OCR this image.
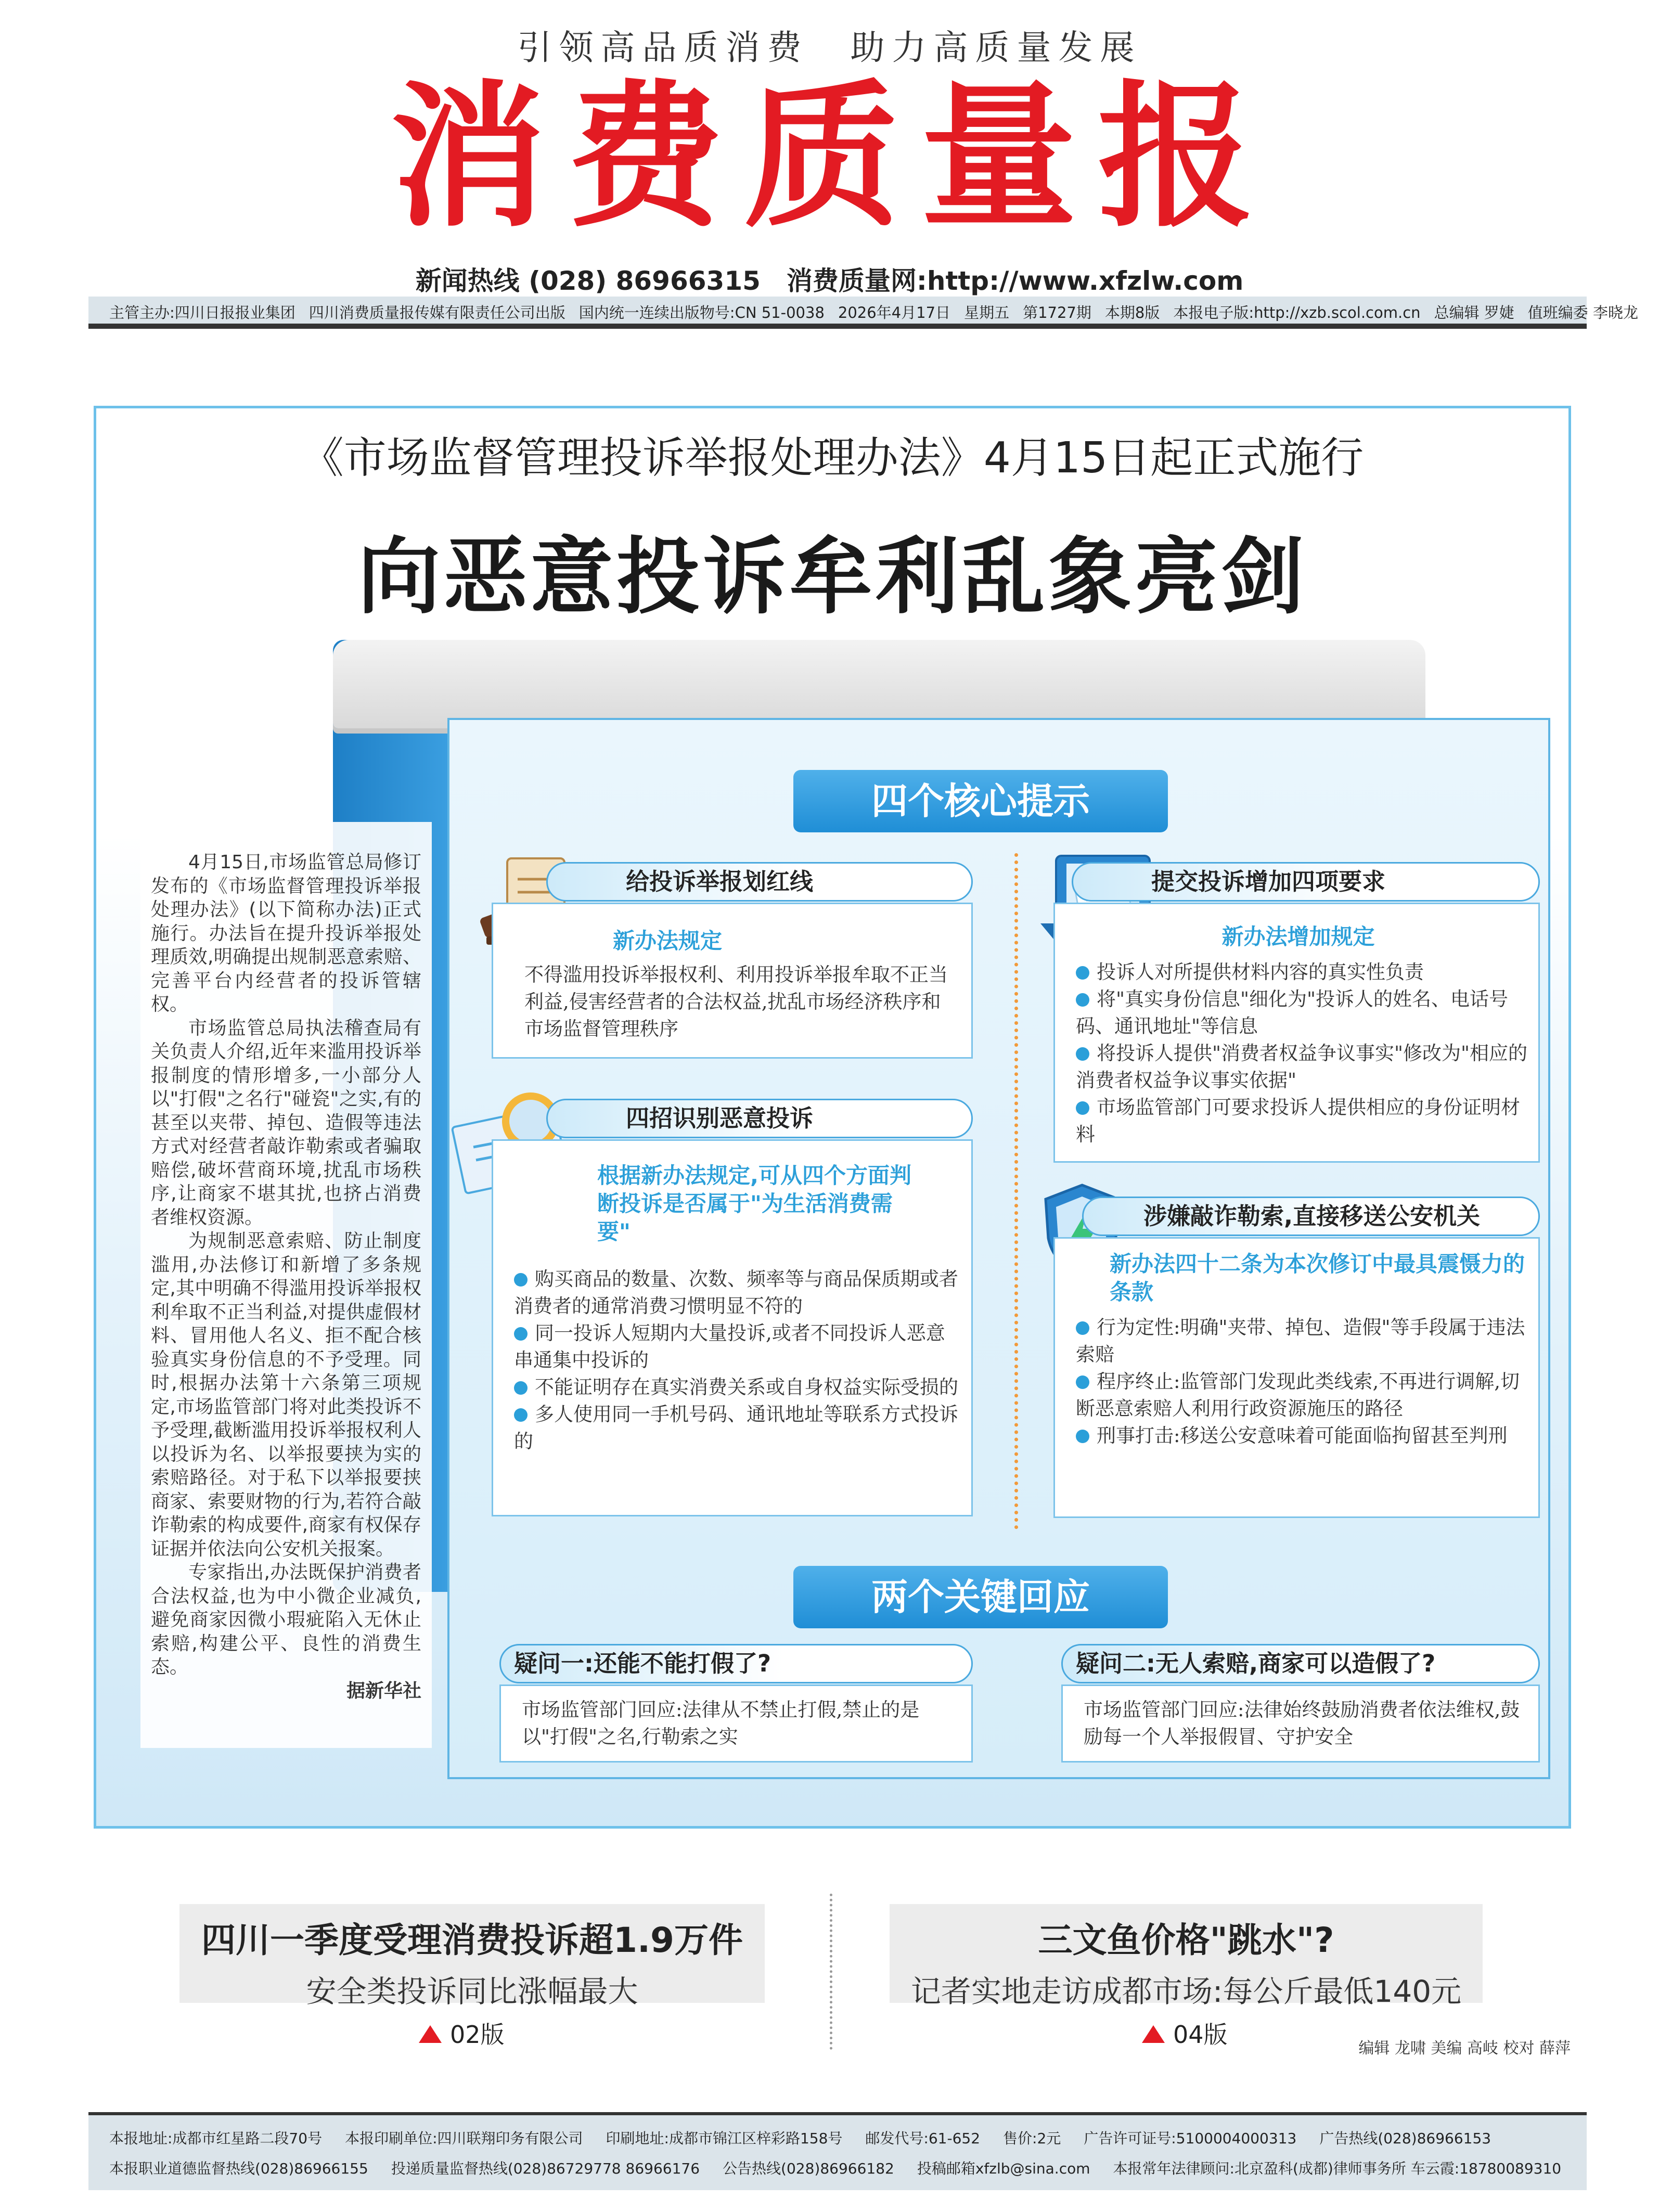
引领高品质消费　助力高质量发展
消费质量报
新闻热线 (028) 86966315　消费质量网:http://www.xfzlw.com
主管主办:四川日报报业集团 四川消费质量报传媒有限责任公司出版 国内统一连续出版物号:CN 51-0038 2026年4月17日 星期五 第1727期 本期8版 本报电子版:http://xzb.scol.com.cn 总编辑 罗婕 值班编委 李晓龙
《市场监督管理投诉举报处理办法》4月15日起正式施行
向恶意投诉牟利乱象亮剑

4月15日,市场监管总局修订发布的《市场监督管理投诉举报处理办法》(以下简称办法)正式施行。办法旨在提升投诉举报处理质效,明确提出规制恶意索赔、完善平台内经营者的投诉管辖权。

市场监管总局执法稽查局有关负责人介绍,近年来滥用投诉举报制度的情形增多,一小部分人以"打假"之名行"碰瓷"之实,有的甚至以夹带、掉包、造假等违法方式对经营者敲诈勒索或者骗取赔偿,破坏营商环境,扰乱市场秩序,让商家不堪其扰,也挤占消费者维权资源。

为规制恶意索赔、防止制度滥用,办法修订和新增了多条规定,其中明确不得滥用投诉举报权利牟取不正当利益,对提供虚假材料、冒用他人名义、拒不配合核验真实身份信息的不予受理。同时,根据办法第十六条第三项规定,市场监管部门将对此类投诉不予受理,截断滥用投诉举报权利人以投诉为名、以举报要挟为实的索赔路径。对于私下以举报要挟商家、索要财物的行为,若符合敲诈勒索的构成要件,商家有权保存证据并依法向公安机关报案。

专家指出,办法既保护消费者合法权益,也为中小微企业减负,避免商家因微小瑕疵陷入无休止索赔,构建公平、良性的消费生态。

据新华社
四个核心提示
给投诉举报划红线
新办法规定
不得滥用投诉举报权利、利用投诉举报牟取不正当利益,侵害经营者的合法权益,扰乱市场经济秩序和市场监督管理秩序
四招识别恶意投诉
根据新办法规定,可从四个方面判断投诉是否属于"为生活消费需要"

购买商品的数量、次数、频率等与商品保质期或者消费者的通常消费习惯明显不符的

同一投诉人短期内大量投诉,或者不同投诉人恶意串通集中投诉的

不能证明存在真实消费关系或自身权益实际受损的

多人使用同一手机号码、通讯地址等联系方式投诉的

提交投诉增加四项要求
新办法增加规定

投诉人对所提供材料内容的真实性负责

将"真实身份信息"细化为"投诉人的姓名、电话号码、通讯地址"等信息

将投诉人提供"消费者权益争议事实"修改为"相应的消费者权益争议事实依据"

市场监管部门可要求投诉人提供相应的身份证明材料

涉嫌敲诈勒索,直接移送公安机关
新办法四十二条为本次修订中最具震慑力的条款

行为定性:明确"夹带、掉包、造假"等手段属于违法索赔

程序终止:监管部门发现此类线索,不再进行调解,切断恶意索赔人利用行政资源施压的路径

刑事打击:移送公安意味着可能面临拘留甚至判刑

两个关键回应
疑问一:还能不能打假了?
市场监管部门回应:法律从不禁止打假,禁止的是以"打假"之名,行勒索之实
疑问二:无人索赔,商家可以造假了?
市场监管部门回应:法律始终鼓励消费者依法维权,鼓励每一个人举报假冒、守护安全
四川一季度受理消费投诉超1.9万件
安全类投诉同比涨幅最大
02版
三文鱼价格"跳水"?
记者实地走访成都市场:每公斤最低140元
04版	编辑 龙啸 美编 高岐 校对 薛萍
本报地址:成都市红星路二段70号 本报印刷单位:四川联翔印务有限公司 印刷地址:成都市锦江区梓彩路158号 邮发代号:61-652 售价:2元 广告许可证号:5100004000313 广告热线(028)86966153
本报职业道德监督热线(028)86966155 投递质量监督热线(028)86729778 86966176 公告热线(028)86966182 投稿邮箱xfzlb@sina.com 本报常年法律顾问:北京盈科(成都)律师事务所 车云霞:18780089310
